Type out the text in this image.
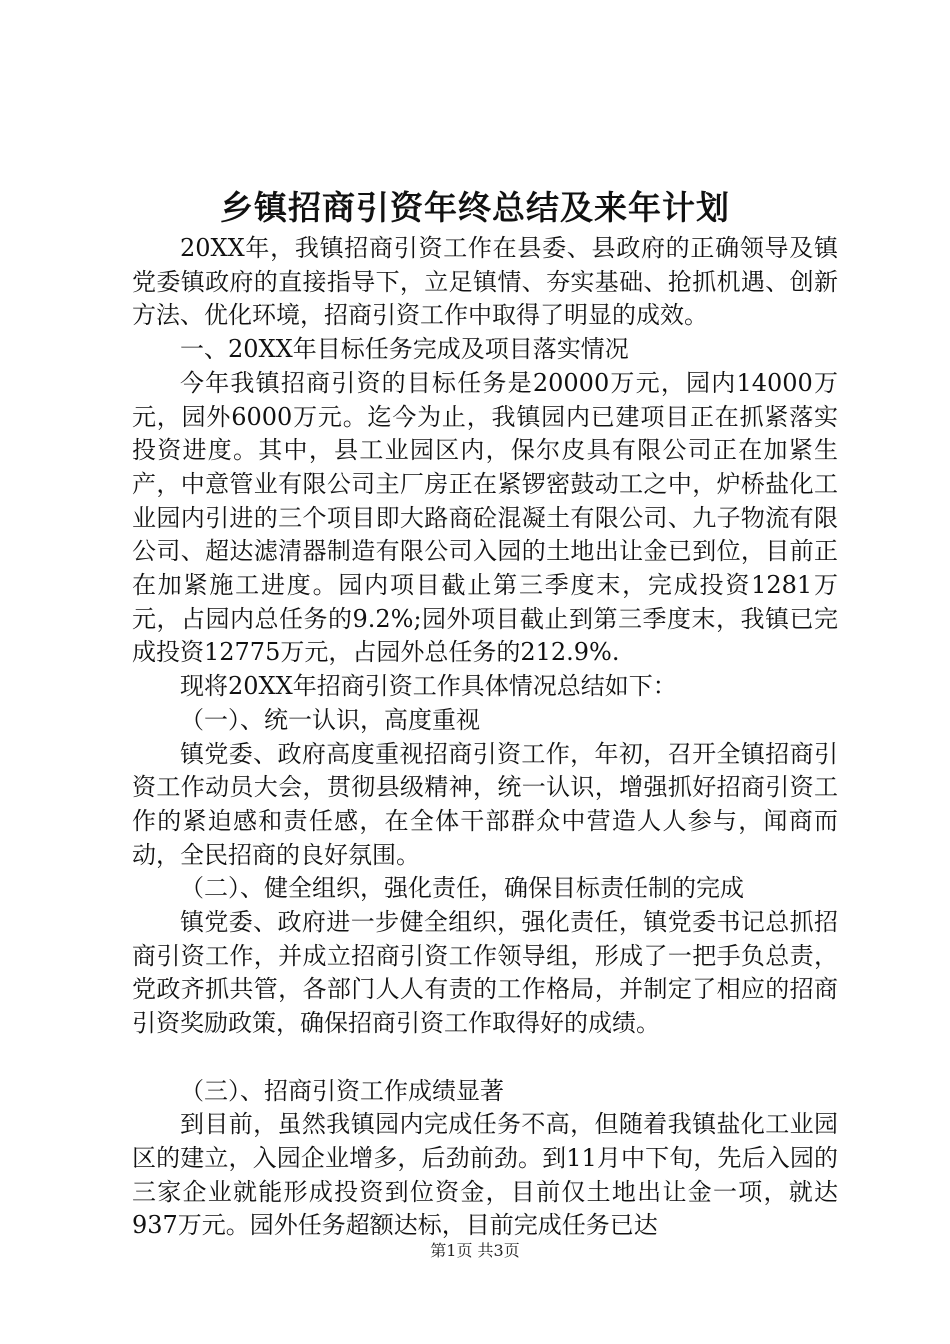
乡镇招商引资年终总结及来年计划

20XX年，我镇招商引资工作在县委、县政府的正确领导及镇党委镇政府的直接指导下，立足镇情、夯实基础、抢抓机遇、创新方法、优化环境，招商引资工作中取得了明显的成效。

一、20XX年目标任务完成及项目落实情况

今年我镇招商引资的目标任务是20000万元，园内14000万元，园外6000万元。迄今为止，我镇园内已建项目正在抓紧落实投资进度。其中，县工业园区内，保尔皮具有限公司正在加紧生产，中意管业有限公司主厂房正在紧锣密鼓动工之中，炉桥盐化工业园内引进的三个项目即大路商砼混凝土有限公司、九子物流有限公司、超达滤清器制造有限公司入园的土地出让金已到位，目前正在加紧施工进度。园内项目截止第三季度末，完成投资1281万元，占园内总任务的9.2%;园外项目截止到第三季度末，我镇已完成投资12775万元，占园外总任务的212.9%.

现将20XX年招商引资工作具体情况总结如下：

（一）、统一认识，高度重视

镇党委、政府高度重视招商引资工作，年初，召开全镇招商引资工作动员大会，贯彻县级精神，统一认识，增强抓好招商引资工作的紧迫感和责任感，在全体干部群众中营造人人参与，闻商而动，全民招商的良好氛围。

（二）、健全组织，强化责任，确保目标责任制的完成

镇党委、政府进一步健全组织，强化责任，镇党委书记总抓招商引资工作，并成立招商引资工作领导组，形成了一把手负总责，党政齐抓共管，各部门人人有责的工作格局，并制定了相应的招商引资奖励政策，确保招商引资工作取得好的成绩。

（三）、招商引资工作成绩显著

到目前，虽然我镇园内完成任务不高，但随着我镇盐化工业园区的建立，入园企业增多，后劲前劲。到11月中下旬，先后入园的三家企业就能形成投资到位资金，目前仅土地出让金一项，就达937万元。园外任务超额达标，目前完成任务已达

第1页 共3页
